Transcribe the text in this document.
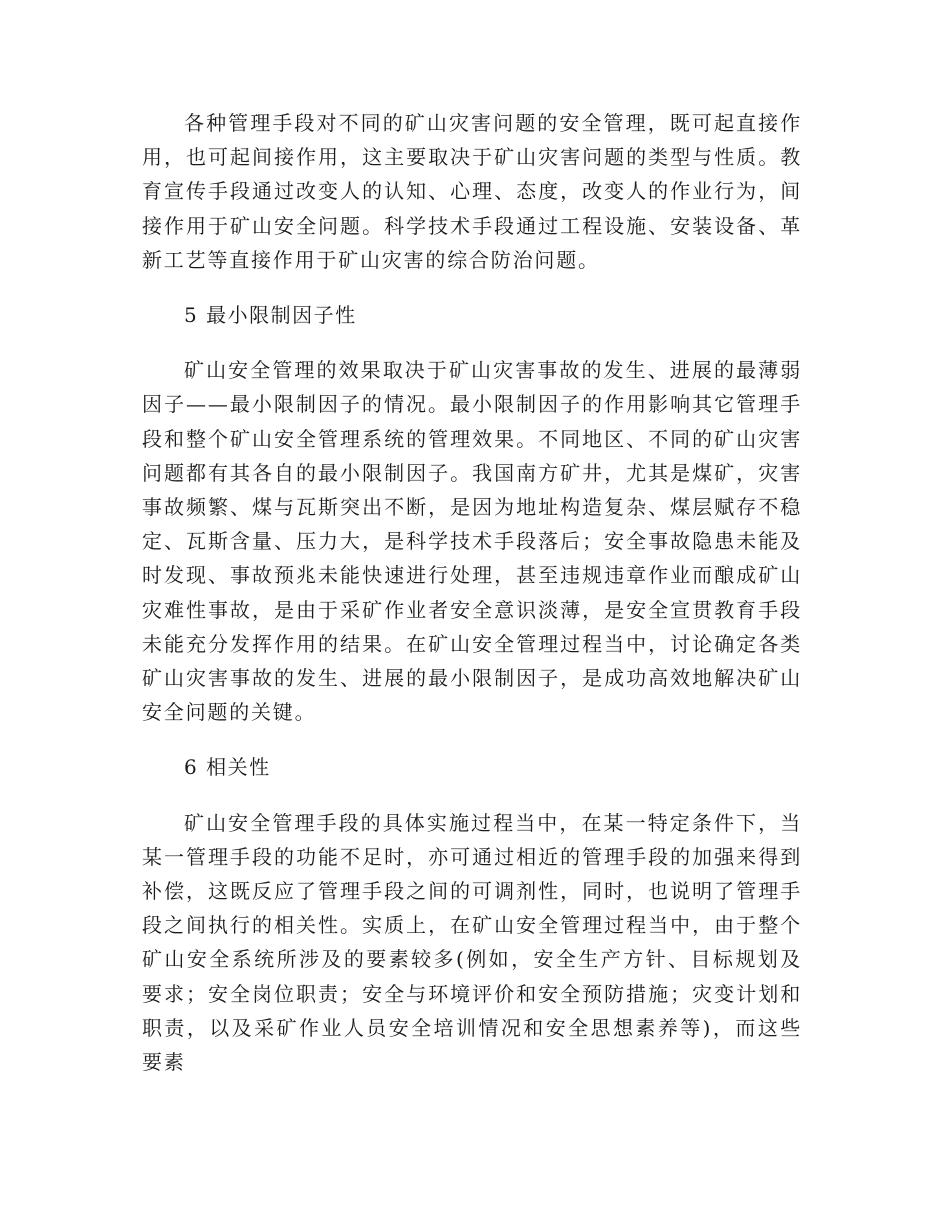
各种管理手段对不同的矿山灾害问题的安全管理，既可起直接作用，也可起间接作用，这主要取决于矿山灾害问题的类型与性质。教育宣传手段通过改变人的认知、心理、态度，改变人的作业行为，间接作用于矿山安全问题。科学技术手段通过工程设施、安装设备、革新工艺等直接作用于矿山灾害的综合防治问题。

5 最小限制因子性

矿山安全管理的效果取决于矿山灾害事故的发生、进展的最薄弱因子——最小限制因子的情况。最小限制因子的作用影响其它管理手段和整个矿山安全管理系统的管理效果。不同地区、不同的矿山灾害问题都有其各自的最小限制因子。我国南方矿井，尤其是煤矿，灾害事故频繁、煤与瓦斯突出不断，是因为地址构造复杂、煤层赋存不稳定、瓦斯含量、压力大，是科学技术手段落后；安全事故隐患未能及时发现、事故预兆未能快速进行处理，甚至违规违章作业而酿成矿山灾难性事故，是由于采矿作业者安全意识淡薄，是安全宣贯教育手段未能充分发挥作用的结果。在矿山安全管理过程当中，讨论确定各类矿山灾害事故的发生、进展的最小限制因子，是成功高效地解决矿山安全问题的关键。

6 相关性

矿山安全管理手段的具体实施过程当中，在某一特定条件下，当某一管理手段的功能不足时，亦可通过相近的管理手段的加强来得到补偿，这既反应了管理手段之间的可调剂性，同时，也说明了管理手段之间执行的相关性。实质上，在矿山安全管理过程当中，由于整个矿山安全系统所涉及的要素较多(例如，安全生产方针、目标规划及要求；安全岗位职责；安全与环境评价和安全预防措施；灾变计划和职责，以及采矿作业人员安全培训情况和安全思想素养等)，而这些要素
